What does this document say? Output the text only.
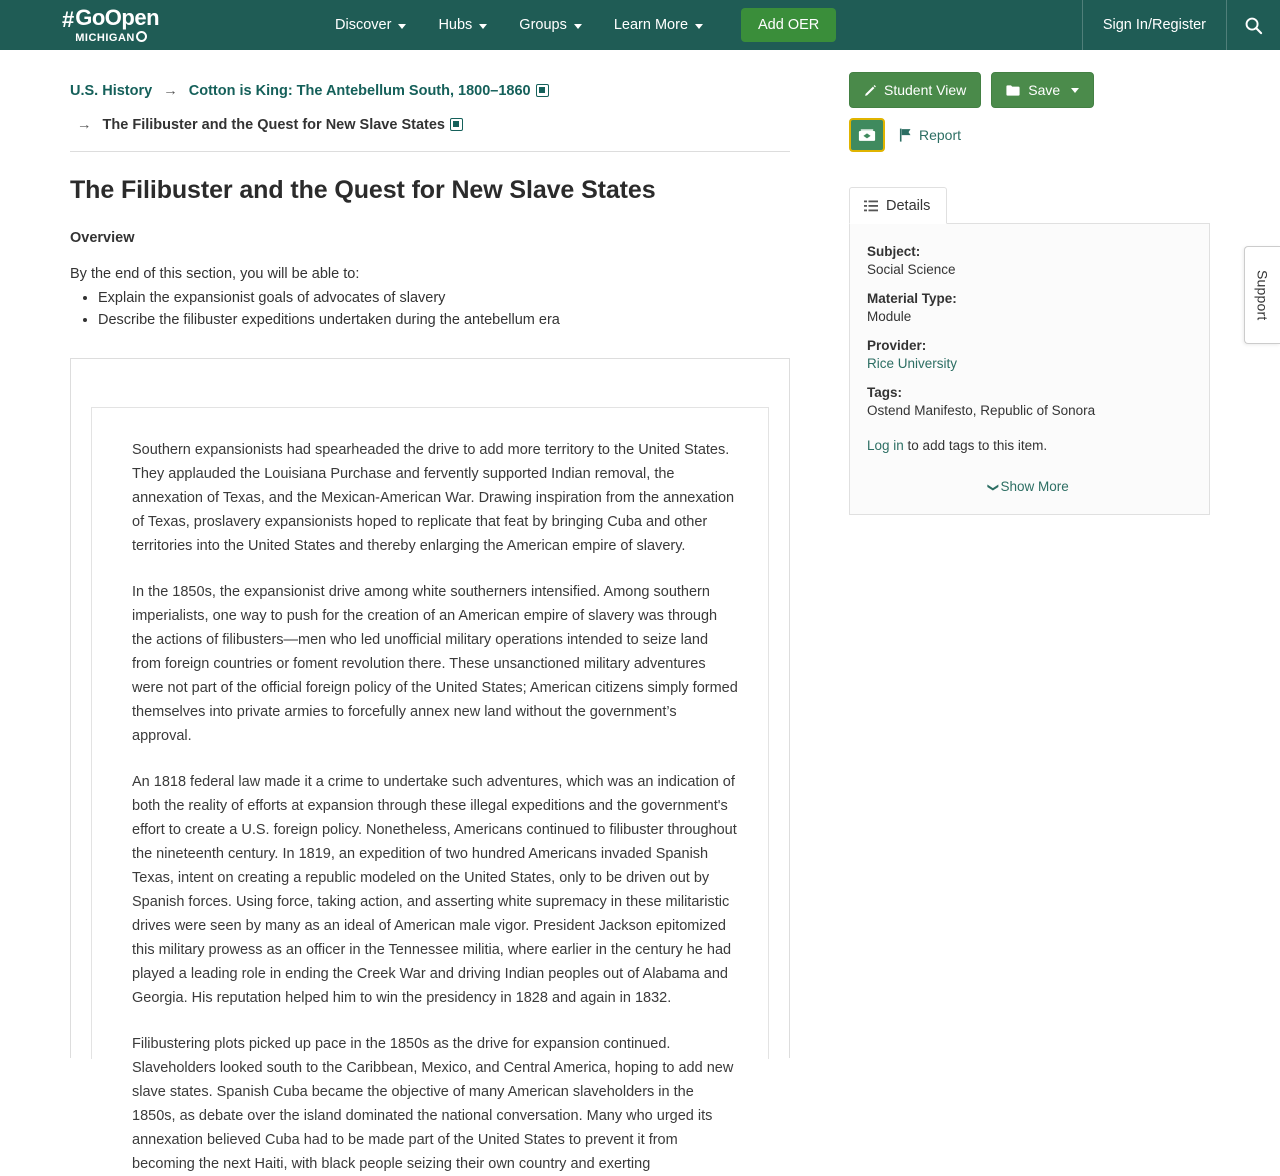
# GoOpen
MICHIGAN
Discover	Hubs	Groups	Learn More	Add OER	Sign In/Register
U.S. History → Cotton is King: The Antebellum South, 1800–1860
→ The Filibuster and the Quest for New Slave States
The Filibuster and the Quest for New Slave States
Overview
By the end of this section, you will be able to:
• Explain the expansionist goals of advocates of slavery
• Describe the filibuster expeditions undertaken during the antebellum era

Southern expansionists had spearheaded the drive to add more territory to the United States. They applauded the Louisiana Purchase and fervently supported Indian removal, the annexation of Texas, and the Mexican-American War. Drawing inspiration from the annexation of Texas, proslavery expansionists hoped to replicate that feat by bringing Cuba and other territories into the United States and thereby enlarging the American empire of slavery.

In the 1850s, the expansionist drive among white southerners intensified. Among southern imperialists, one way to push for the creation of an American empire of slavery was through the actions of filibusters—men who led unofficial military operations intended to seize land from foreign countries or foment revolution there. These unsanctioned military adventures were not part of the official foreign policy of the United States; American citizens simply formed themselves into private armies to forcefully annex new land without the government’s approval.

An 1818 federal law made it a crime to undertake such adventures, which was an indication of both the reality of efforts at expansion through these illegal expeditions and the government's effort to create a U.S. foreign policy. Nonetheless, Americans continued to filibuster throughout the nineteenth century. In 1819, an expedition of two hundred Americans invaded Spanish Texas, intent on creating a republic modeled on the United States, only to be driven out by Spanish forces. Using force, taking action, and asserting white supremacy in these militaristic drives were seen by many as an ideal of American male vigor. President Jackson epitomized this military prowess as an officer in the Tennessee militia, where earlier in the century he had played a leading role in ending the Creek War and driving Indian peoples out of Alabama and Georgia. His reputation helped him to win the presidency in 1828 and again in 1832.

Filibustering plots picked up pace in the 1850s as the drive for expansion continued. Slaveholders looked south to the Caribbean, Mexico, and Central America, hoping to add new slave states. Spanish Cuba became the objective of many American slaveholders in the 1850s, as debate over the island dominated the national conversation. Many who urged its annexation believed Cuba had to be made part of the United States to prevent it from becoming the next Haiti, with black people seizing their own country and exerting

Student View	Save
Report
Details
Subject:
Social Science
Material Type:
Module
Provider:
Rice University
Tags:
Ostend Manifesto, Republic of Sonora
Log in to add tags to this item.
❯Show More
Support
